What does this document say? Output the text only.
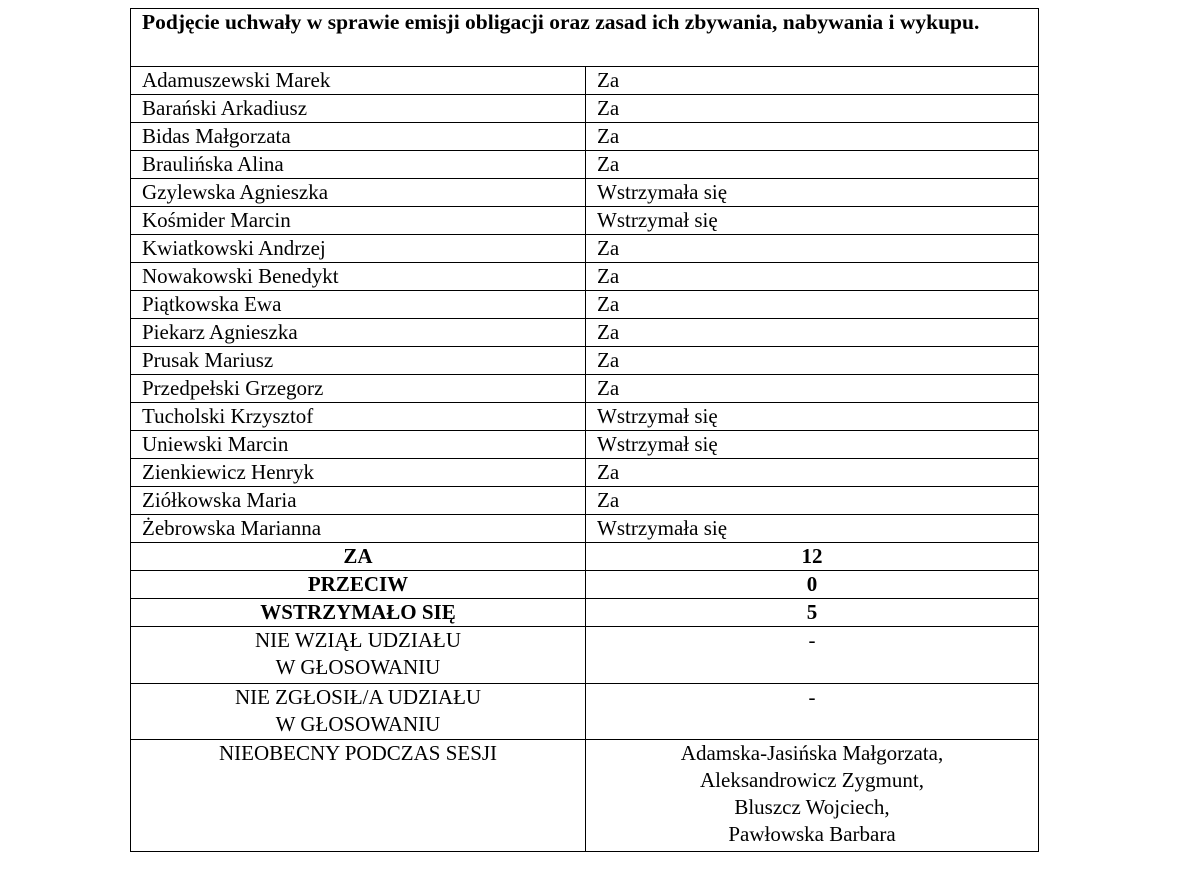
Podjęcie uchwały w sprawie emisji obligacji oraz zasad ich zbywania, nabywania i wykupu.	
Adamuszewski Marek	Za
Barański Arkadiusz	Za
Bidas Małgorzata	Za
Braulińska Alina	Za
Gzylewska Agnieszka	Wstrzymała się
Kośmider Marcin	Wstrzymał się
Kwiatkowski Andrzej	Za
Nowakowski Benedykt	Za
Piątkowska Ewa	Za
Piekarz Agnieszka	Za
Prusak Mariusz	Za
Przedpełski Grzegorz	Za
Tucholski Krzysztof	Wstrzymał się
Uniewski Marcin	Wstrzymał się
Zienkiewicz Henryk	Za
Ziółkowska Maria	Za
Żebrowska Marianna	Wstrzymała się
ZA	12
PRZECIW	0
WSTRZYMAŁO SIĘ	5

NIE WZIĄŁ UDZIAŁU
W GŁOSOWANIU	-

NIE ZGŁOSIŁ/A UDZIAŁU
W GŁOSOWANIU	-
NIEOBECNY PODCZAS SESJI	Adamska-Jasińska Małgorzata,
Aleksandrowicz Zygmunt,
Bluszcz Wojciech,
Pawłowska Barbara
